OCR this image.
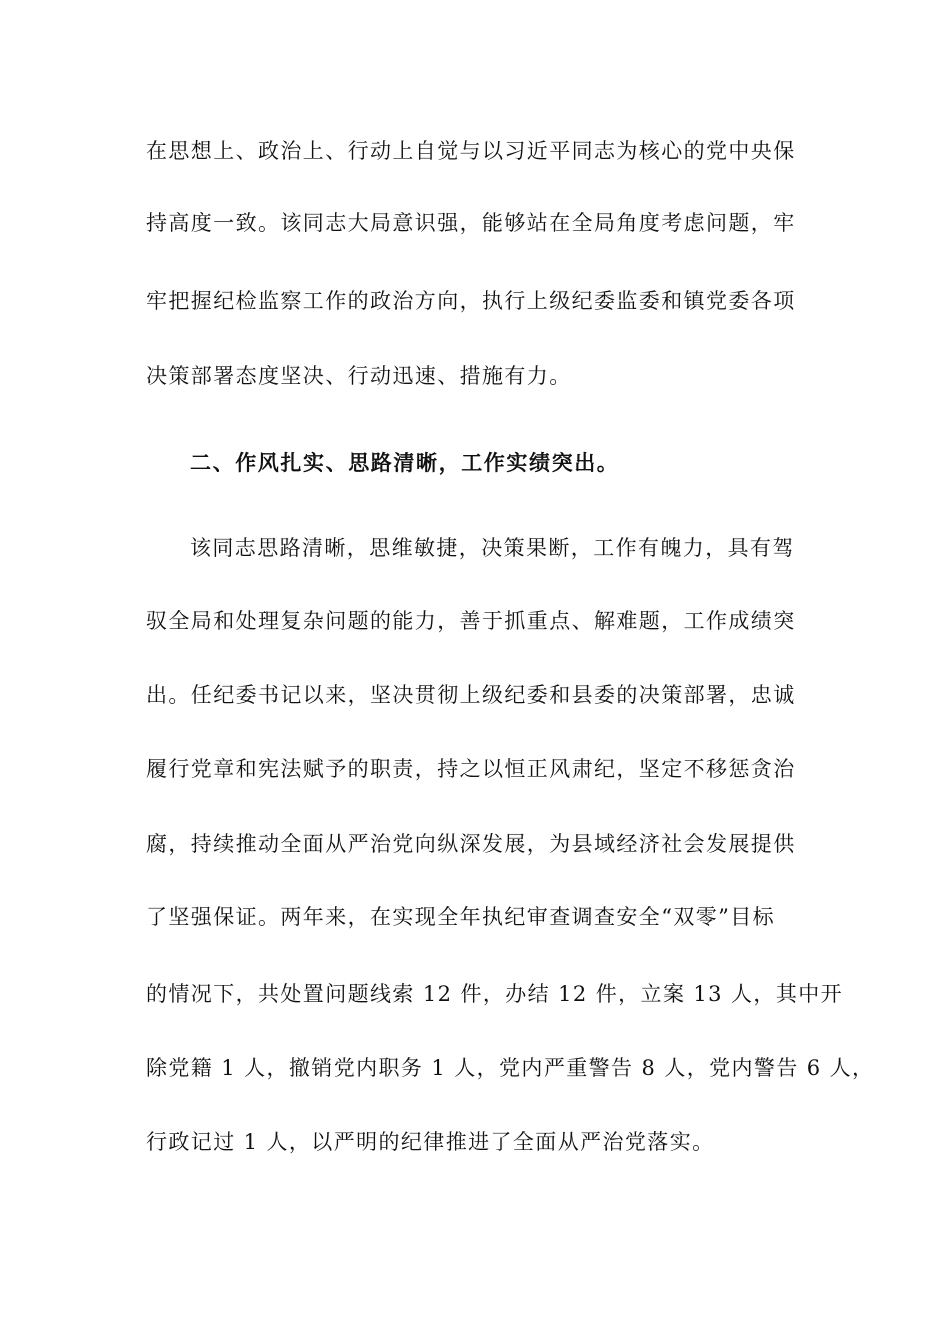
在思想上、政治上、行动上自觉与以习近平同志为核心的党中央保
持高度一致。该同志大局意识强，能够站在全局角度考虑问题，牢
牢把握纪检监察工作的政治方向，执行上级纪委监委和镇党委各项
决策部署态度坚决、行动迅速、措施有力。
二、作风扎实、思路清晰，工作实绩突出。
该同志思路清晰，思维敏捷，决策果断，工作有魄力，具有驾
驭全局和处理复杂问题的能力，善于抓重点、解难题，工作成绩突
出。任纪委书记以来，坚决贯彻上级纪委和县委的决策部署，忠诚
履行党章和宪法赋予的职责，持之以恒正风肃纪，坚定不移惩贪治
腐，持续推动全面从严治党向纵深发展，为县域经济社会发展提供
了坚强保证。两年来，在实现全年执纪审查调查安全“双零”目标
的情况下，共处置问题线索 12 件，办结 12 件，立案 13 人，其中开
除党籍 1 人，撤销党内职务 1 人，党内严重警告 8 人，党内警告 6 人，
行政记过 1 人，以严明的纪律推进了全面从严治党落实。
